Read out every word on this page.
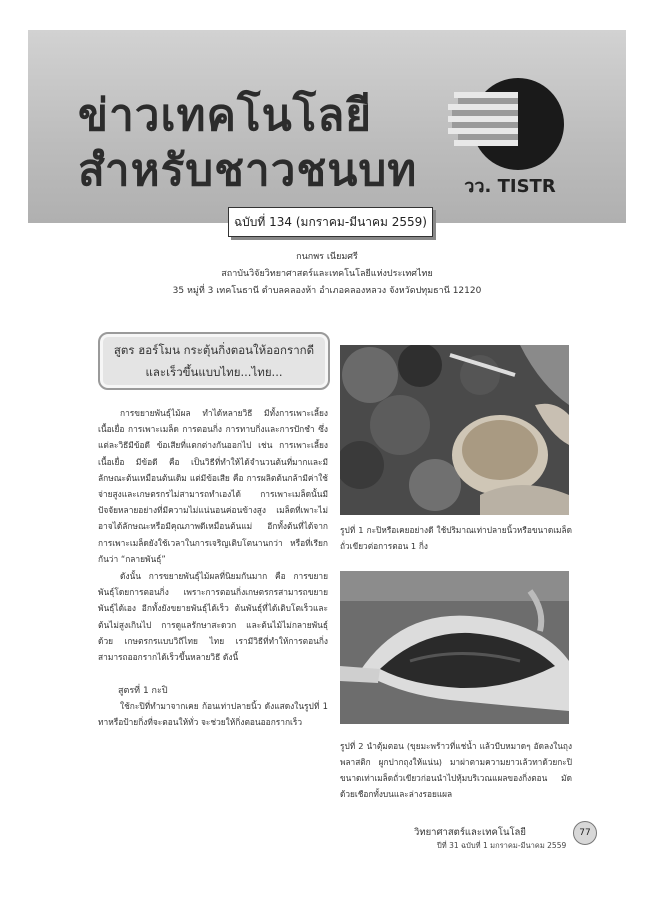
ข่าวเทคโนโลยี
สำหรับชาวชนบท	วว. TISTR
ฉบับที่ 134 (มกราคม-มีนาคม 2559)
กนกพร เนียมศรี
สถาบันวิจัยวิทยาศาสตร์และเทคโนโลยีแห่งประเทศไทย
35 หมู่ที่ 3 เทคโนธานี ตำบลคลองห้า อำเภอคลองหลวง จังหวัดปทุมธานี 12120
สูตร ฮอร์โมน กระตุ้นกิ่งตอนให้ออกรากดี
และเร็วขึ้นแบบไทย...ไทย...
การขยายพันธุ์ไม้ผล ทำได้หลายวิธี มีทั้งการเพาะเลี้ยงเนื้อเยื่อ การเพาะเมล็ด การตอนกิ่ง การทาบกิ่งและการปักชำ ซึ่งแต่ละวิธีมีข้อดี ข้อเสียที่แตกต่างกันออกไป เช่น การเพาะเลี้ยงเนื้อเยื่อ มีข้อดี คือ เป็นวิธีที่ทำให้ได้จำนวนต้นที่มากและมีลักษณะต้นเหมือนต้นเดิม แต่มีข้อเสีย คือ การผลิตต้นกล้ามีค่าใช้จ่ายสูงและเกษตรกรไม่สามารถทำเองได้ การเพาะเมล็ดนั้นมีปัจจัยหลายอย่างที่มีความไม่แน่นอนค่อนข้างสูง เมล็ดที่เพาะไม่อาจได้ลักษณะหรือมีคุณภาพดีเหมือนต้นแม่ อีกทั้งต้นที่ได้จากการเพาะเมล็ดยังใช้เวลาในการเจริญเติบโตนานกว่า หรือที่เรียกกันว่า “กลายพันธุ์”
ดังนั้น การขยายพันธุ์ไม้ผลที่นิยมกันมาก คือ การขยายพันธุ์โดยการตอนกิ่ง เพราะการตอนกิ่งเกษตรกรสามารถขยายพันธุ์ได้เอง อีกทั้งยังขยายพันธุ์ได้เร็ว ต้นพันธุ์ที่ได้เติบโตเร็วและต้นไม่สูงเกินไป การดูแลรักษาสะดวก และต้นไม้ไม่กลายพันธุ์ด้วย เกษตรกรแบบวิถีไทย ไทย เรามีวิธีที่ทำให้การตอนกิ่งสามารถออกรากได้เร็วขึ้นหลายวิธี ดังนี้
สูตรที่ 1 กะปิ
ใช้กะปิที่ทำมาจากเคย ก้อนเท่าปลายนิ้ว ดังแสดงในรูปที่ 1 ทาหรือป้ายกิ่งที่จะตอนให้ทั่ว จะช่วยให้กิ่งตอนออกรากเร็ว
รูปที่ 1 กะปิหรือเคยอย่างดี ใช้ปริมาณเท่าปลายนิ้วหรือขนาดเมล็ดถั่วเขียวต่อการตอน 1 กิ่ง
รูปที่ 2 นำตุ้มตอน (ขุยมะพร้าวที่แช่น้ำ แล้วบีบหมาดๆ อัดลงในถุงพลาสติก ผูกปากถุงให้แน่น) มาผ่าตามความยาวเล้วทาด้วยกะปิขนาดเท่าเมล็ดถั่วเขียวก่อนนำไปหุ้มบริเวณแผลของกิ่งตอน มัดด้วยเชือกทั้งบนและล่างรอยแผล
วิทยาศาสตร์และเทคโนโลยี
ปีที่ 31 ฉบับที่ 1 มกราคม-มีนาคม 2559
77
